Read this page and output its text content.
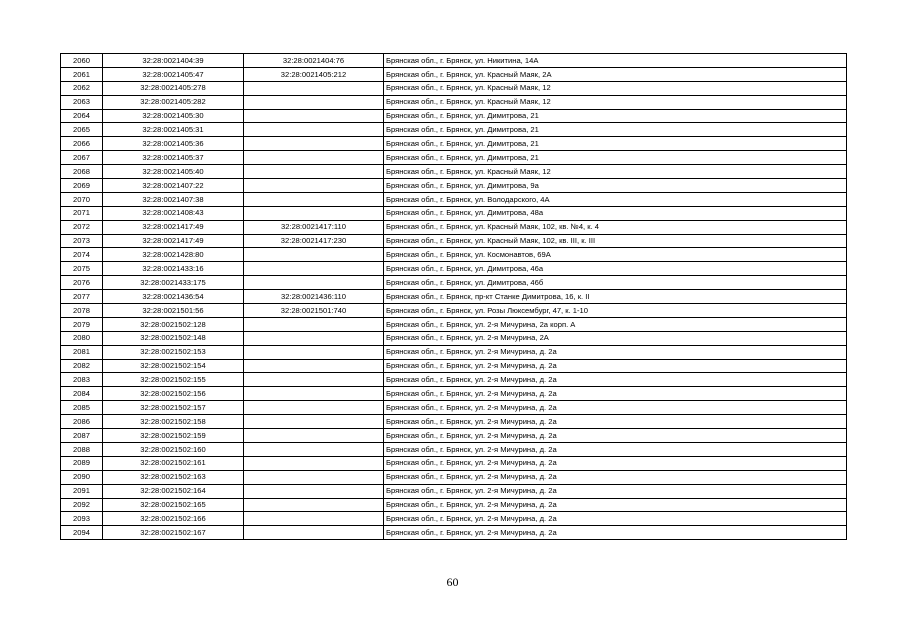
2060	32:28:0021404:39	32:28:0021404:76	Брянская обл., г. Брянск, ул. Никитина, 14А
2061	32:28:0021405:47	32:28:0021405:212	Брянская обл., г. Брянск, ул. Красный Маяк, 2А
2062	32:28:0021405:278		Брянская обл., г. Брянск, ул. Красный Маяк, 12
2063	32:28:0021405:282		Брянская обл., г. Брянск, ул. Красный Маяк, 12
2064	32:28:0021405:30		Брянская обл., г. Брянск, ул. Димитрова, 21
2065	32:28:0021405:31		Брянская обл., г. Брянск, ул. Димитрова, 21
2066	32:28:0021405:36		Брянская обл., г. Брянск, ул. Димитрова, 21
2067	32:28:0021405:37		Брянская обл., г. Брянск, ул. Димитрова, 21
2068	32:28:0021405:40		Брянская обл., г. Брянск, ул. Красный Маяк, 12
2069	32:28:0021407:22		Брянская обл., г. Брянск, ул. Димитрова, 9а
2070	32:28:0021407:38		Брянская обл., г. Брянск, ул. Володарского, 4А
2071	32:28:0021408:43		Брянская обл., г. Брянск, ул. Димитрова, 48а
2072	32:28:0021417:49	32:28:0021417:110	Брянская обл., г. Брянск, ул. Красный Маяк, 102, кв. №4, к. 4
2073	32:28:0021417:49	32:28:0021417:230	Брянская обл., г. Брянск, ул. Красный Маяк, 102, кв. III, к. III
2074	32:28:0021428:80		Брянская обл., г. Брянск, ул. Космонавтов, 69А
2075	32:28:0021433:16		Брянская обл., г. Брянск, ул. Димитрова, 46а
2076	32:28:0021433:175		Брянская обл., г. Брянск, ул. Димитрова, 46б
2077	32:28:0021436:54	32:28:0021436:110	Брянская обл., г. Брянск, пр-кт Станке Димитрова, 16, к. II
2078	32:28:0021501:56	32:28:0021501:740	Брянская обл., г. Брянск, ул. Розы Люксембург, 47, к. 1-10
2079	32:28:0021502:128		Брянская обл., г. Брянск, ул. 2-я Мичурина, 2а корп. А
2080	32:28:0021502:148		Брянская обл., г. Брянск, ул. 2-я Мичурина, 2А
2081	32:28:0021502:153		Брянская обл., г. Брянск, ул. 2-я Мичурина, д. 2а
2082	32:28:0021502:154		Брянская обл., г. Брянск, ул. 2-я Мичурина, д. 2а
2083	32:28:0021502:155		Брянская обл., г. Брянск, ул. 2-я Мичурина, д. 2а
2084	32:28:0021502:156		Брянская обл., г. Брянск, ул. 2-я Мичурина, д. 2а
2085	32:28:0021502:157		Брянская обл., г. Брянск, ул. 2-я Мичурина, д. 2а
2086	32:28:0021502:158		Брянская обл., г. Брянск, ул. 2-я Мичурина, д. 2а
2087	32:28:0021502:159		Брянская обл., г. Брянск, ул. 2-я Мичурина, д. 2а
2088	32:28:0021502:160		Брянская обл., г. Брянск, ул. 2-я Мичурина, д. 2а
2089	32:28:0021502:161		Брянская обл., г. Брянск, ул. 2-я Мичурина, д. 2а
2090	32:28:0021502:163		Брянская обл., г. Брянск, ул. 2-я Мичурина, д. 2а
2091	32:28:0021502:164		Брянская обл., г. Брянск, ул. 2-я Мичурина, д. 2а
2092	32:28:0021502:165		Брянская обл., г. Брянск, ул. 2-я Мичурина, д. 2а
2093	32:28:0021502:166		Брянская обл., г. Брянск, ул. 2-я Мичурина, д. 2а
2094	32:28:0021502:167		Брянская обл., г. Брянск, ул. 2-я Мичурина, д. 2а
60
